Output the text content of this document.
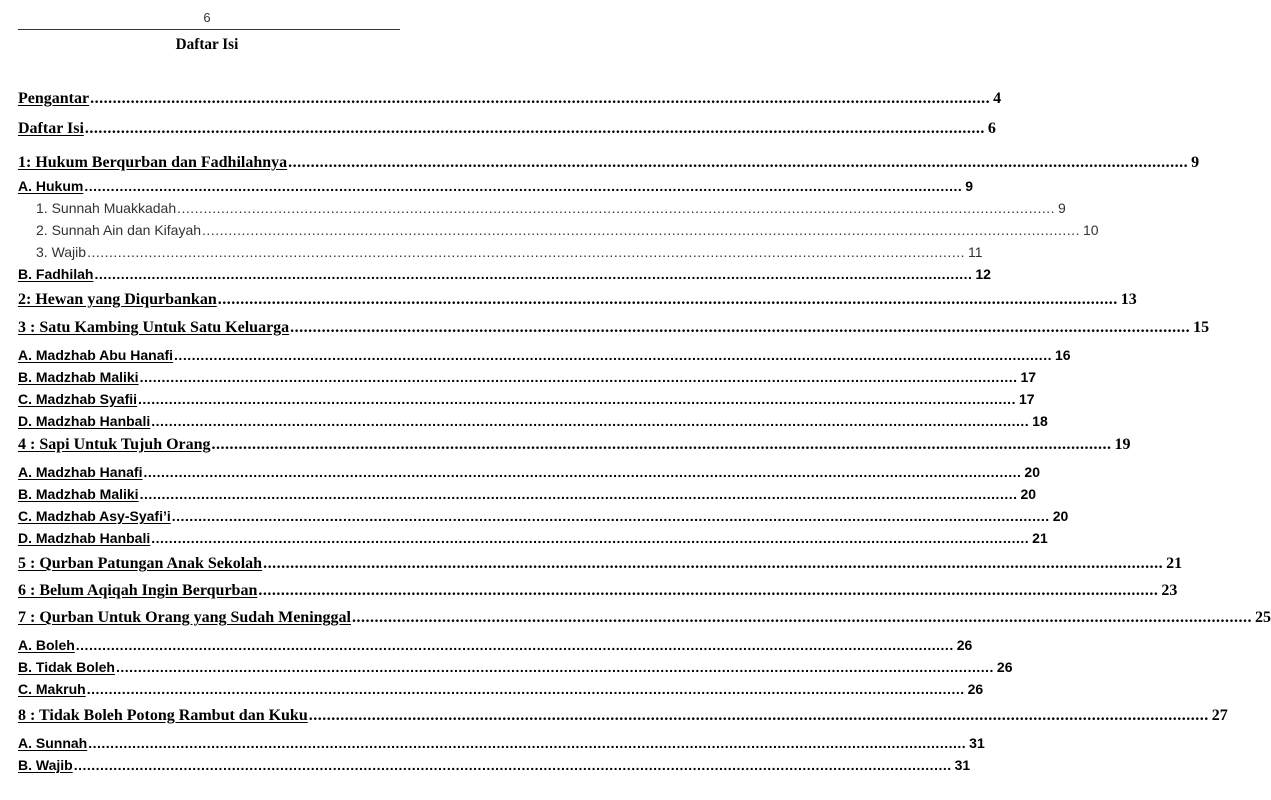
6
Daftar Isi
Pengantar ........................................................................................................................................................................................................ 4
Daftar Isi ........................................................................................................................................................................................................ 6
1: Hukum Berqurban dan Fadhilahnya ........................................................................................................................................................................................................ 9
A. Hukum ........................................................................................................................................................................................................ 9
1. Sunnah Muakkadah ........................................................................................................................................................................................................ 9
2. Sunnah Ain dan Kifayah ........................................................................................................................................................................................................ 10
3. Wajib ........................................................................................................................................................................................................ 11
B. Fadhilah ........................................................................................................................................................................................................ 12
2: Hewan yang Diqurbankan ........................................................................................................................................................................................................ 13
3 : Satu Kambing Untuk Satu Keluarga ........................................................................................................................................................................................................ 15
A. Madzhab Abu Hanafi ........................................................................................................................................................................................................ 16
B. Madzhab Maliki ........................................................................................................................................................................................................ 17
C. Madzhab Syafii ........................................................................................................................................................................................................ 17
D. Madzhab Hanbali ........................................................................................................................................................................................................ 18
4 : Sapi Untuk Tujuh Orang ........................................................................................................................................................................................................ 19
A. Madzhab Hanafi ........................................................................................................................................................................................................ 20
B. Madzhab Maliki ........................................................................................................................................................................................................ 20
C. Madzhab Asy-Syafi’i ........................................................................................................................................................................................................ 20
D. Madzhab Hanbali ........................................................................................................................................................................................................ 21
5 : Qurban Patungan Anak Sekolah ........................................................................................................................................................................................................ 21
6 : Belum Aqiqah Ingin Berqurban ........................................................................................................................................................................................................ 23
7 : Qurban Untuk Orang yang Sudah Meninggal ........................................................................................................................................................................................................ 25
A. Boleh ........................................................................................................................................................................................................ 26
B. Tidak Boleh ........................................................................................................................................................................................................ 26
C. Makruh ........................................................................................................................................................................................................ 26
8 : Tidak Boleh Potong Rambut dan Kuku ........................................................................................................................................................................................................ 27
A. Sunnah ........................................................................................................................................................................................................ 31
B. Wajib ........................................................................................................................................................................................................ 31
